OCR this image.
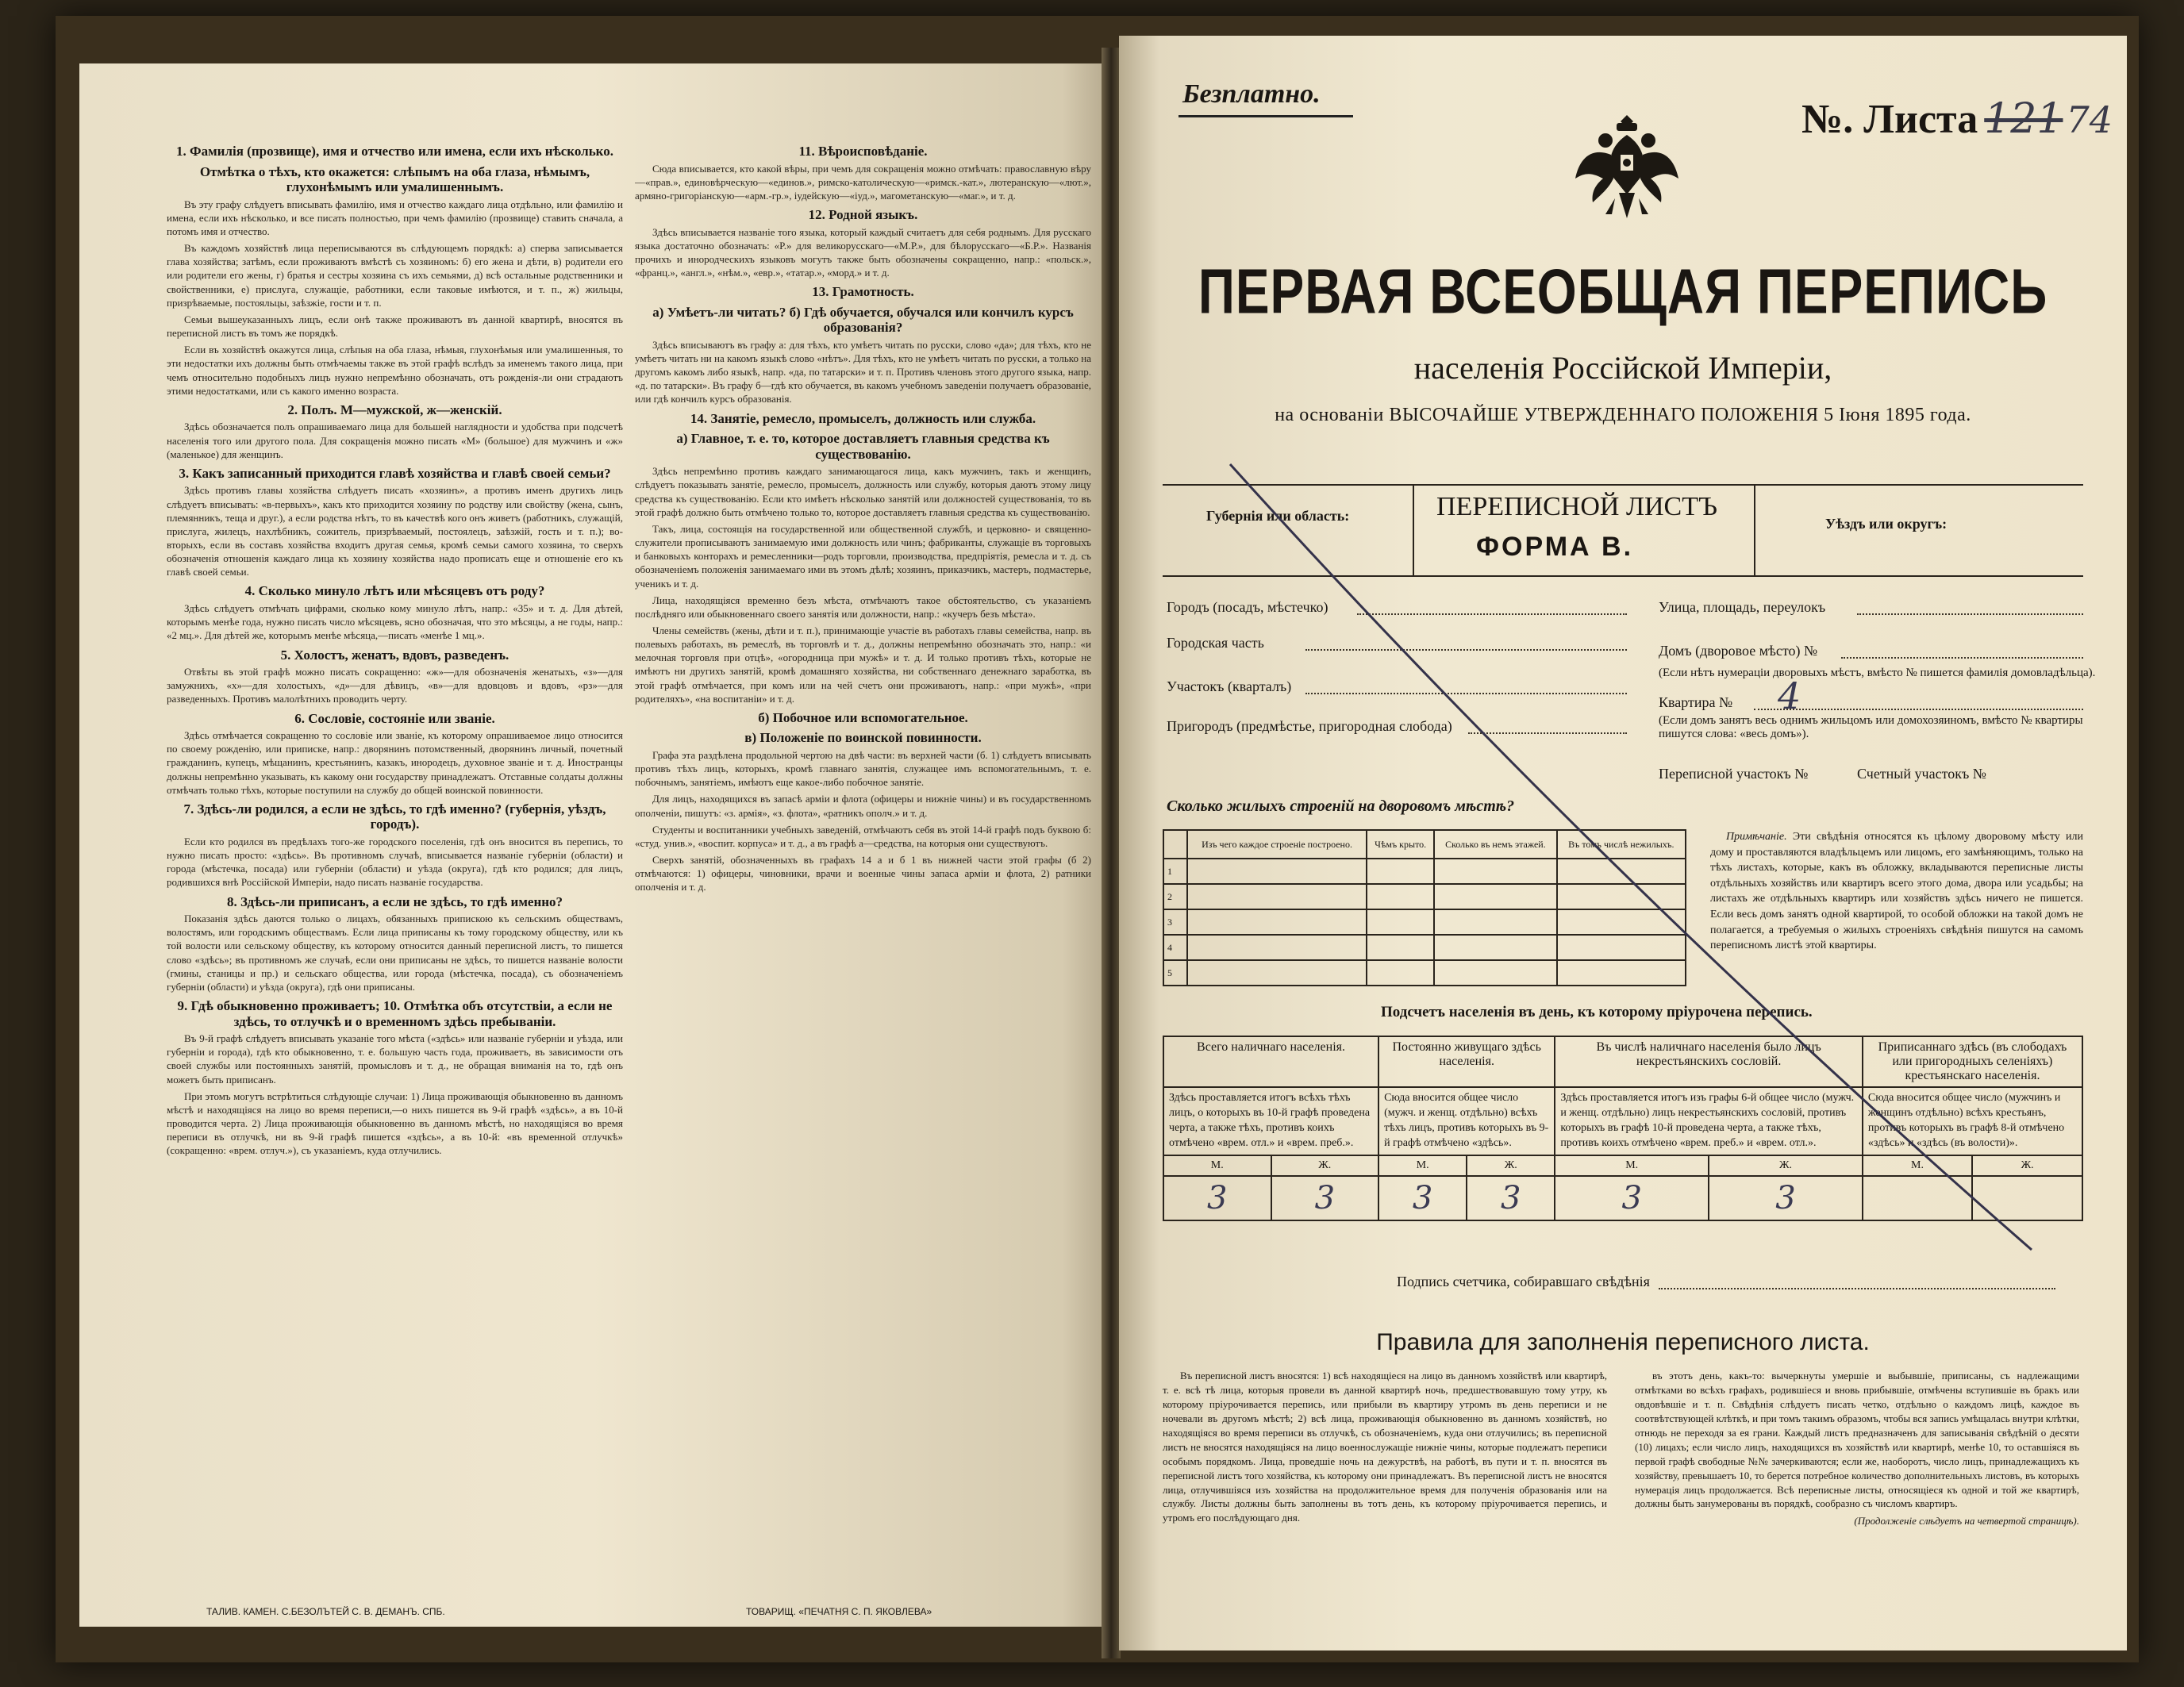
1. Фамилія (прозвище), имя и отчество или имена, если ихъ нѣсколько.
Отмѣтка о тѣхъ, кто окажется: слѣпымъ на оба глаза, нѣмымъ, глухонѣмымъ или умалишеннымъ.
Въ эту графу слѣдуетъ вписывать фамилію, имя и отчество каждаго лица отдѣльно, или фамилію и имена, если ихъ нѣсколько, и все писать полностью, при чемъ фамилію (прозвище) ставить сначала, а потомъ имя и отчество.
Въ каждомъ хозяйствѣ лица переписываются въ слѣдующемъ порядкѣ: а) сперва записывается глава хозяйства; затѣмъ, если проживаютъ вмѣстѣ съ хозяиномъ: б) его жена и дѣти, в) родители его или родители его жены, г) братья и сестры хозяина съ ихъ семьями, д) всѣ остальные родственники и свойственники, е) прислуга, служащіе, работники, если таковые имѣются, и т. п., ж) жильцы, призрѣваемые, постояльцы, заѣзжіе, гости и т. п.
Семьи вышеуказанныхъ лицъ, если онѣ также проживаютъ въ данной квартирѣ, вносятся въ переписной листъ въ томъ же порядкѣ.
Если въ хозяйствѣ окажутся лица, слѣпыя на оба глаза, нѣмыя, глухонѣмыя или умалишенныя, то эти недостатки ихъ должны быть отмѣчаемы также въ этой графѣ вслѣдъ за именемъ такого лица, при чемъ относительно подобныхъ лицъ нужно непремѣнно обозначать, отъ рожденія-ли они страдаютъ этими недостатками, или съ какого именно возраста.
2. Полъ. М—мужской, ж—женскій.
Здѣсь обозначается полъ опрашиваемаго лица для большей наглядности и удобства при подсчетѣ населенія того или другого пола. Для сокращенія можно писать «М» (большое) для мужчинъ и «ж» (маленькое) для женщинъ.
3. Какъ записанный приходится главѣ хозяйства и главѣ своей семьи?
Здѣсь противъ главы хозяйства слѣдуетъ писать «хозяинъ», а противъ именъ другихъ лицъ слѣдуетъ вписывать: «в-первыхъ», какъ кто приходится хозяину по родству или свойству (жена, сынъ, племянникъ, теща и друг.), а если родства нѣтъ, то въ качествѣ кого онъ живетъ (работникъ, служащій, прислуга, жилецъ, нахлѣбникъ, сожитель, призрѣваемый, постоялецъ, заѣзжій, гость и т. п.); во-вторыхъ, если въ составъ хозяйства входитъ другая семья, кромѣ семьи самого хозяина, то сверхъ обозначенія отношенія каждаго лица къ хозяину хозяйства надо прописать еще и отношеніе его къ главѣ своей семьи.
4. Сколько минуло лѣтъ или мѣсяцевъ отъ роду?
Здѣсь слѣдуетъ отмѣчать цифрами, сколько кому минуло лѣтъ, напр.: «35» и т. д. Для дѣтей, которымъ менѣе года, нужно писать число мѣсяцевъ, ясно обозначая, что это мѣсяцы, а не годы, напр.: «2 мц.». Для дѣтей же, которымъ менѣе мѣсяца,—писать «менѣе 1 мц.».
5. Холостъ, женатъ, вдовъ, разведенъ.
Отвѣты въ этой графѣ можно писать сокращенно: «ж»—для обозначенія женатыхъ, «з»—для замужнихъ, «х»—для холостыхъ, «д»—для дѣвицъ, «в»—для вдовцовъ и вдовъ, «рз»—для разведенныхъ. Противъ малолѣтнихъ проводить черту.
6. Сословіе, состояніе или званіе.
Здѣсь отмѣчается сокращенно то сословіе или званіе, къ которому опрашиваемое лицо относится по своему рожденію, или приписке, напр.: дворянинъ потомственный, дворянинъ личный, почетный гражданинъ, купецъ, мѣщанинъ, крестьянинъ, казакъ, инородецъ, духовное званіе и т. д. Иностранцы должны непремѣнно указывать, къ какому они государству принадлежатъ. Отставные солдаты должны отмѣчать только тѣхъ, которые поступили на службу до общей воинской повинности.
7. Здѣсь-ли родился, а если не здѣсь, то гдѣ именно? (губернія, уѣздъ, городъ).
Если кто родился въ предѣлахъ того-же городского поселенія, гдѣ онъ вносится въ перепись, то нужно писать просто: «здѣсь». Въ противномъ случаѣ, вписывается названіе губерніи (области) и города (мѣстечка, посада) или губерніи (области) и уѣзда (округа), гдѣ кто родился; для лицъ, родившихся внѣ Россійской Имперіи, надо писать названіе государства.
8. Здѣсь-ли приписанъ, а если не здѣсь, то гдѣ именно?
Показанія здѣсь даются только о лицахъ, обязанныхъ припискою къ сельскимъ обществамъ, волостямъ, или городскимъ обществамъ. Если лица приписаны къ тому городскому обществу, или къ той волости или сельскому обществу, къ которому относится данный переписной листъ, то пишется слово «здѣсь»; въ противномъ же случаѣ, если они приписаны не здѣсь, то пишется названіе волости (гмины, станицы и пр.) и сельскаго общества, или города (мѣстечка, посада), съ обозначеніемъ губерніи (области) и уѣзда (округа), гдѣ они приписаны.
9. Гдѣ обыкновенно проживаетъ; 10. Отмѣтка объ отсутствіи, а если не здѣсь, то отлучкѣ и о временномъ здѣсь пребываніи.
Въ 9-й графѣ слѣдуетъ вписывать указаніе того мѣста («здѣсь» или названіе губерніи и уѣзда, или губерніи и города), гдѣ кто обыкновенно, т. е. большую часть года, проживаетъ, въ зависимости отъ своей службы или постоянныхъ занятій, промысловъ и т. д., не обращая вниманія на то, гдѣ онъ можетъ быть приписанъ.
При этомъ могутъ встрѣтиться слѣдующіе случаи: 1) Лица проживающія обыкновенно въ данномъ мѣстѣ и находящіяся на лицо во время переписи,—о нихъ пишется въ 9-й графѣ «здѣсь», а въ 10-й проводится черта. 2) Лица проживающія обыкновенно въ данномъ мѣстѣ, но находящіяся во время переписи въ отлучкѣ, ни въ 9-й графѣ пишется «здѣсь», а въ 10-й: «въ временной отлучкѣ» (сокращенно: «врем. отлуч.»), съ указаніемъ, куда отлучились.
11. Вѣроисповѣданіе.
Сюда вписывается, кто какой вѣры, при чемъ для сокращенія можно отмѣчать: православную вѣру—«прав.», единовѣрческую—«единов.», римско-католическую—«римск.-кат.», лютеранскую—«лют.», армяно-григоріанскую—«арм.-гр.», іудейскую—«іуд.», магометанскую—«маг.», и т. д.
12. Родной языкъ.
Здѣсь вписывается названіе того языка, который каждый считаетъ для себя роднымъ. Для русскаго языка достаточно обозначать: «Р.» для великорусскаго—«М.Р.», для бѣлорусскаго—«Б.Р.». Названія прочихъ и инородческихъ языковъ могутъ также быть обозначены сокращенно, напр.: «польск.», «франц.», «англ.», «нѣм.», «евр.», «татар.», «морд.» и т. д.
13. Грамотность.
а) Умѣетъ-ли читать? б) Гдѣ обучается, обучался или кончилъ курсъ образованія?
Здѣсь вписываютъ въ графу а: для тѣхъ, кто умѣетъ читать по русски, слово «да»; для тѣхъ, кто не умѣетъ читать ни на какомъ языкѣ слово «нѣтъ». Для тѣхъ, кто не умѣетъ читать по русски, а только на другомъ какомъ либо языкѣ, напр. «да, по татарски» и т. п. Противъ членовъ этого другого языка, напр. «д. по татарски». Въ графу б—гдѣ кто обучается, въ какомъ учебномъ заведеніи получаетъ образованіе, или гдѣ кончилъ курсъ образованія.
14. Занятіе, ремесло, промыселъ, должность или служба.
а) Главное, т. е. то, которое доставляетъ главныя средства къ существованію.
Здѣсь непремѣнно противъ каждаго занимающагося лица, какъ мужчинъ, такъ и женщинъ, слѣдуетъ показывать занятіе, ремесло, промыселъ, должность или службу, которыя даютъ этому лицу средства къ существованію. Если кто имѣетъ нѣсколько занятій или должностей существованія, то въ этой графѣ должно быть отмѣчено только то, которое доставляетъ главныя средства къ существованію.
Такъ, лица, состоящія на государственной или общественной службѣ, и церковно- и священно-служители прописываютъ занимаемую ими должность или чинъ; фабриканты, служащіе въ торговыхъ и банковыхъ конторахъ и ремесленники—родъ торговли, производства, предпріятія, ремесла и т. д. съ обозначеніемъ положенія занимаемаго ими въ этомъ дѣлѣ; хозяинъ, приказчикъ, мастеръ, подмастерье, ученикъ и т. д.
Лица, находящіяся временно безъ мѣста, отмѣчаютъ такое обстоятельство, съ указаніемъ послѣдняго или обыкновеннаго своего занятія или должности, напр.: «кучеръ безъ мѣста».
Члены семействъ (жены, дѣти и т. п.), принимающіе участіе въ работахъ главы семейства, напр. въ полевыхъ работахъ, въ ремеслѣ, въ торговлѣ и т. д., должны непремѣнно обозначать это, напр.: «и мелочная торговля при отцѣ», «огородница при мужѣ» и т. д. И только противъ тѣхъ, которые не имѣютъ ни другихъ занятій, кромѣ домашняго хозяйства, ни собственнаго денежнаго заработка, въ этой графѣ отмѣчается, при комъ или на чей счетъ они проживаютъ, напр.: «при мужѣ», «при родителяхъ», «на воспитаніи» и т. д.
б) Побочное или вспомогательное.
в) Положеніе по воинской повинности.
Графа эта раздѣлена продольной чертою на двѣ части: въ верхней части (б. 1) слѣдуетъ вписывать противъ тѣхъ лицъ, которыхъ, кромѣ главнаго занятія, служащее имъ вспомогательнымъ, т. е. побочнымъ, занятіемъ, имѣютъ еще какое-либо побочное занятіе.
Для лицъ, находящихся въ запасѣ арміи и флота (офицеры и нижніе чины) и въ государственномъ ополченіи, пишутъ: «з. армія», «з. флота», «ратникъ ополч.» и т. д.
Студенты и воспитанники учебныхъ заведеній, отмѣчаютъ себя въ этой 14-й графѣ подъ буквою б: «студ. унив.», «воспит. корпуса» и т. д., а въ графѣ а—средства, на которыя они существуютъ.
Сверхъ занятій, обозначенныхъ въ графахъ 14 а и б 1 въ нижней части этой графы (б 2) отмѣчаются: 1) офицеры, чиновники, врачи и военные чины запаса арміи и флота, 2) ратники ополченія и т. д.
ТАЛИВ. КАМЕН. С.БЕЗОЛЪТЕЙ С. В. ДЕМАНЪ. СПБ.	ТОВАРИЩ. «ПЕЧАТНЯ С. П. ЯКОВЛЕВА»
Безплатно.
№. Листа 12174
ПЕРВАЯ ВСЕОБЩАЯ ПЕРЕПИСЬ
населенія Россійской Имперіи,
на основаніи ВЫСОЧАЙШЕ УТВЕРЖДЕННАГО ПОЛОЖЕНІЯ 5 Іюня 1895 года.
Губернія или область:	ПЕРЕПИСНОЙ ЛИСТЪ
ФОРМА В.
Уѣздъ или округъ:
Городъ (посадъ, мѣстечко)
Городская часть
Участокъ (кварталъ)
Пригородъ (предмѣстье, пригородная слобода)
Улица, площадь, переулокъ
Домъ (дворовое мѣсто) №
(Если нѣтъ нумераціи дворовыхъ мѣстъ, вмѣсто № пишется фамилія домовладѣльца).
Квартира № 4
(Если домъ занятъ весь однимъ жильцомъ или домохозяиномъ, вмѣсто № квартиры пишутся слова: «весь домъ»).
Переписной участокъ №	Счетный участокъ №
Сколько жилыхъ строеній на дворовомъ мѣстѣ?
	Изъ чего каждое строеніе построено.	Чѣмъ крыто.	Сколько въ немъ этажей.	Въ томъ числѣ нежилыхъ.
1				
2				
3				
4				
5				
Примѣчаніе. Эти свѣдѣнія относятся къ цѣлому дворовому мѣсту или дому и проставляются владѣльцемъ или лицомъ, его замѣняющимъ, только на тѣхъ листахъ, которые, какъ въ обложку, вкладываются переписные листы отдѣльныхъ хозяйствъ или квартиръ всего этого дома, двора или усадьбы; на листахъ же отдѣльныхъ квартиръ или хозяйствъ здѣсь ничего не пишется. Если весь домъ занятъ одной квартирой, то особой обложки на такой домъ не полагается, а требуемыя о жилыхъ строеніяхъ свѣдѣнія пишутся на самомъ переписномъ листѣ этой квартиры.
Подсчетъ населенія въ день, къ которому пріурочена перепись.
Всего наличнаго населенія.		Постоянно живущаго здѣсь населенія.		Въ числѣ наличнаго населенія было лицъ некрестьянскихъ сословій.		Приписаннаго здѣсь (въ слободахъ или пригородныхъ селеніяхъ) крестьянскаго населенія.	
Здѣсь проставляется итогъ всѣхъ тѣхъ лицъ, о которыхъ въ 10-й графѣ проведена черта, а также тѣхъ, противъ коихъ отмѣчено «врем. отл.» и «врем. преб.».		Сюда вносится общее число (мужч. и женщ. отдѣльно) всѣхъ тѣхъ лицъ, противъ которыхъ въ 9-й графѣ отмѣчено «здѣсь».		Здѣсь проставляется итогъ изъ графы 6-й общее число (мужч. и женщ. отдѣльно) лицъ некрестьянскихъ сословій, противъ которыхъ въ графѣ 10-й проведена черта, а также тѣхъ, противъ коихъ отмѣчено «врем. преб.» и «врем. отл.».		Сюда вносится общее число (мужчинъ и женщинъ отдѣльно) всѣхъ крестьянъ, противъ которыхъ въ графѣ 8-й отмѣчено «здѣсь» и «здѣсь (въ волости)».	
М.	Ж.	М.	Ж.	М.	Ж.	М.	Ж.
3	3	3	3	3	3		
Подпись счетчика, собиравшаго свѣдѣнія
Правила для заполненія переписного листа.
Въ переписной листъ вносятся: 1) всѣ находящіеся на лицо въ данномъ хозяйствѣ или квартирѣ, т. е. всѣ тѣ лица, которыя провели въ данной квартирѣ ночь, предшествовавшую тому утру, къ которому пріурочивается перепись, или прибыли въ квартиру утромъ въ день переписи и не ночевали въ другомъ мѣстѣ; 2) всѣ лица, проживающія обыкновенно въ данномъ хозяйствѣ, но находящіяся во время переписи въ отлучкѣ, съ обозначеніемъ, куда они отлучились; въ переписной листъ не вносятся находящіяся на лицо военнослужащіе нижніе чины, которые подлежатъ переписи особымъ порядкомъ. Лица, проведшіе ночь на дежурствѣ, на работѣ, въ пути и т. п. вносятся въ переписной листъ того хозяйства, къ которому они принадлежатъ. Въ переписной листъ не вносятся лица, отлучившіяся изъ хозяйства на продолжительное время для полученія образованія или на службу. Листы должны быть заполнены въ тотъ день, къ которому пріурочивается перепись, и утромъ его послѣдующаго дня.
въ этотъ день, какъ-то: вычеркнуты умершіе и выбывшіе, приписаны, съ надлежащими отмѣтками во всѣхъ графахъ, родившіеся и вновь прибывшіе, отмѣчены вступившіе въ бракъ или овдовѣвшіе и т. п. Свѣдѣнія слѣдуетъ писать четко, отдѣльно о каждомъ лицѣ, каждое въ соотвѣтствующей клѣткѣ, и при томъ такимъ образомъ, чтобы вся запись умѣщалась внутри клѣтки, отнюдь не переходя за ея грани. Каждый листъ предназначенъ для записыванія свѣдѣній о десяти (10) лицахъ; если число лицъ, находящихся въ хозяйствѣ или квартирѣ, менѣе 10, то оставшіяся въ первой графѣ свободные №№ зачеркиваются; если же, наоборотъ, число лицъ, принадлежащихъ къ хозяйству, превышаетъ 10, то берется потребное количество дополнительныхъ листовъ, въ которыхъ нумерація лицъ продолжается. Всѣ переписные листы, относящіеся къ одной и той же квартирѣ, должны быть занумерованы въ порядкѣ, сообразно съ числомъ квартиръ.
(Продолженіе слѣдуетъ на четвертой страницѣ).
